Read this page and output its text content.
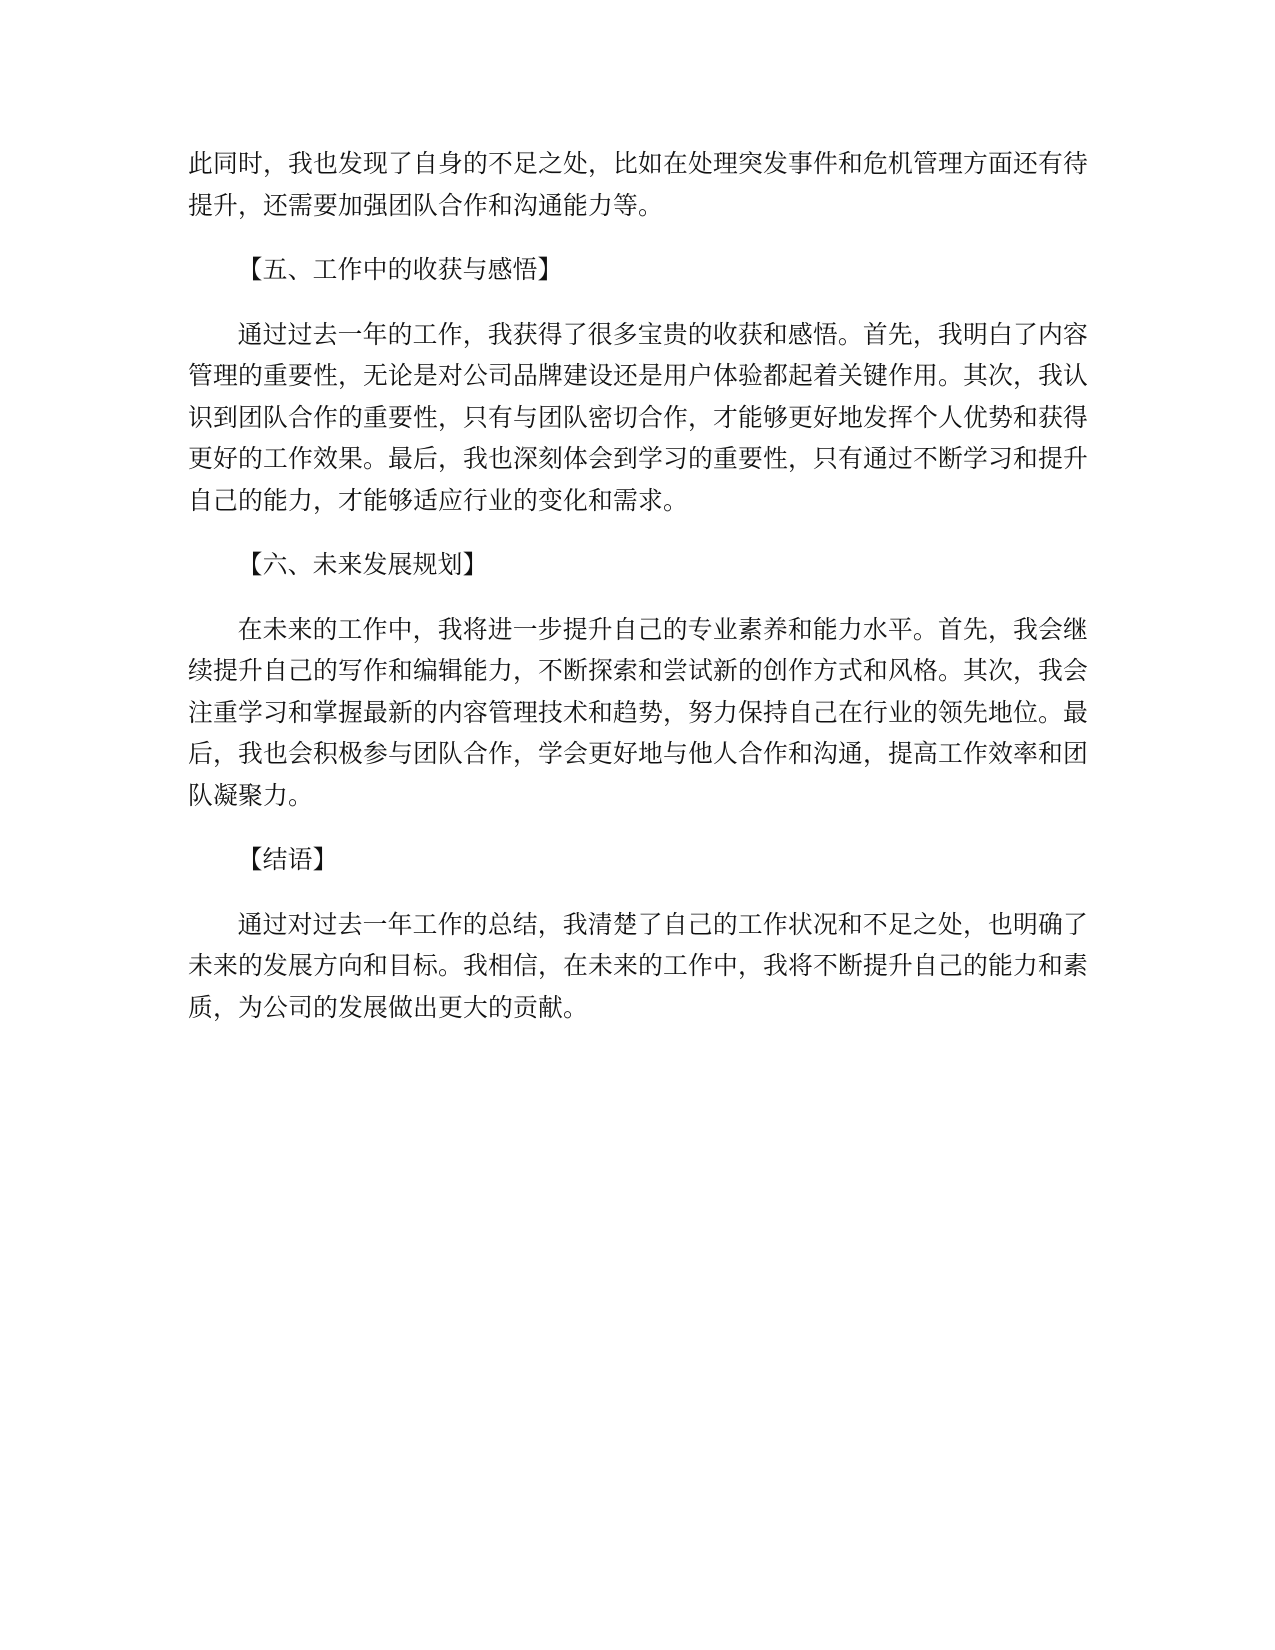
此同时，我也发现了自身的不足之处，比如在处理突发事件和危机管理方面还有待提升，还需要加强团队合作和沟通能力等。

【五、工作中的收获与感悟】

通过过去一年的工作，我获得了很多宝贵的收获和感悟。首先，我明白了内容管理的重要性，无论是对公司品牌建设还是用户体验都起着关键作用。其次，我认识到团队合作的重要性，只有与团队密切合作，才能够更好地发挥个人优势和获得更好的工作效果。最后，我也深刻体会到学习的重要性，只有通过不断学习和提升自己的能力，才能够适应行业的变化和需求。

【六、未来发展规划】

在未来的工作中，我将进一步提升自己的专业素养和能力水平。首先，我会继续提升自己的写作和编辑能力，不断探索和尝试新的创作方式和风格。其次，我会注重学习和掌握最新的内容管理技术和趋势，努力保持自己在行业的领先地位。最后，我也会积极参与团队合作，学会更好地与他人合作和沟通，提高工作效率和团队凝聚力。

【结语】

通过对过去一年工作的总结，我清楚了自己的工作状况和不足之处，也明确了未来的发展方向和目标。我相信，在未来的工作中，我将不断提升自己的能力和素质，为公司的发展做出更大的贡献。
